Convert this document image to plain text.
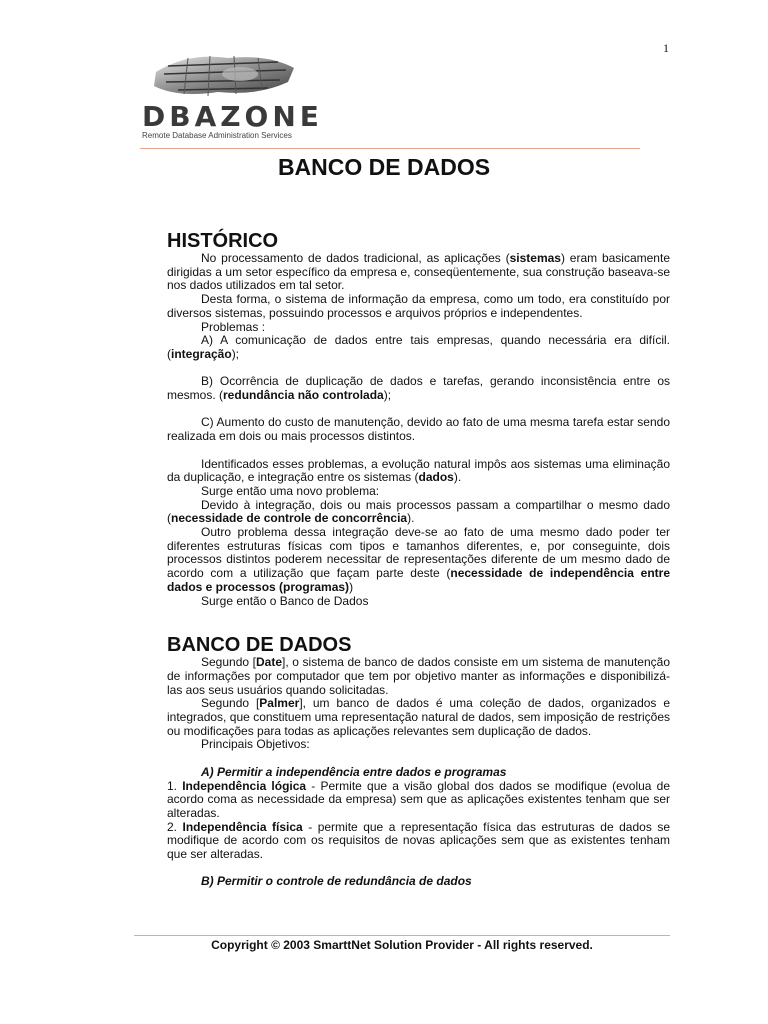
1
DBAZONE
Remote Database Administration Services
BANCO DE DADOS
HISTÓRICO

No processamento de dados tradicional, as aplicações (sistemas) eram basicamente dirigidas a um setor específico da empresa e, conseqüentemente, sua construção baseava-se nos dados utilizados em tal setor.

Desta forma, o sistema de informação da empresa, como um todo, era constituído por diversos sistemas, possuindo processos e arquivos próprios e independentes.

Problemas :

A) A comunicação de dados entre tais empresas, quando necessária era difícil. (integração);

B) Ocorrência de duplicação de dados e tarefas, gerando inconsistência entre os mesmos. (redundância não controlada);

C) Aumento do custo de manutenção, devido ao fato de uma mesma tarefa estar sendo realizada em dois ou mais processos distintos.

Identificados esses problemas, a evolução natural impôs aos sistemas uma eliminação da duplicação, e integração entre os sistemas (dados).

Surge então uma novo problema:

Devido à integração, dois ou mais processos passam a compartilhar o mesmo dado (necessidade de controle de concorrência).

Outro problema dessa integração deve-se ao fato de uma mesmo dado poder ter diferentes estruturas físicas com tipos e tamanhos diferentes, e, por conseguinte, dois processos distintos poderem necessitar de representações diferente de um mesmo dado de acordo com a utilização que façam parte deste (necessidade de independência entre dados e processos (programas))

Surge então o Banco de Dados

BANCO DE DADOS

Segundo [Date], o sistema de banco de dados consiste em um sistema de manutenção de informações por computador que tem por objetivo manter as informações e disponibilizá-las aos seus usuários quando solicitadas.

Segundo [Palmer], um banco de dados é uma coleção de dados, organizados e integrados, que constituem uma representação natural de dados, sem imposição de restrições ou modificações para todas as aplicações relevantes sem duplicação de dados.

Principais Objetivos:

A) Permitir a independência entre dados e programas

1. Independência lógica - Permite que a visão global dos dados se modifique (evolua de acordo coma as necessidade da empresa) sem que as aplicações existentes tenham que ser alteradas.

2. Independência física - permite que a representação física das estruturas de dados se modifique de acordo com os requisitos de novas aplicações sem que as existentes tenham que ser alteradas.

B) Permitir o controle de redundância de dados

Copyright © 2003 SmarttNet Solution Provider - All rights reserved.
